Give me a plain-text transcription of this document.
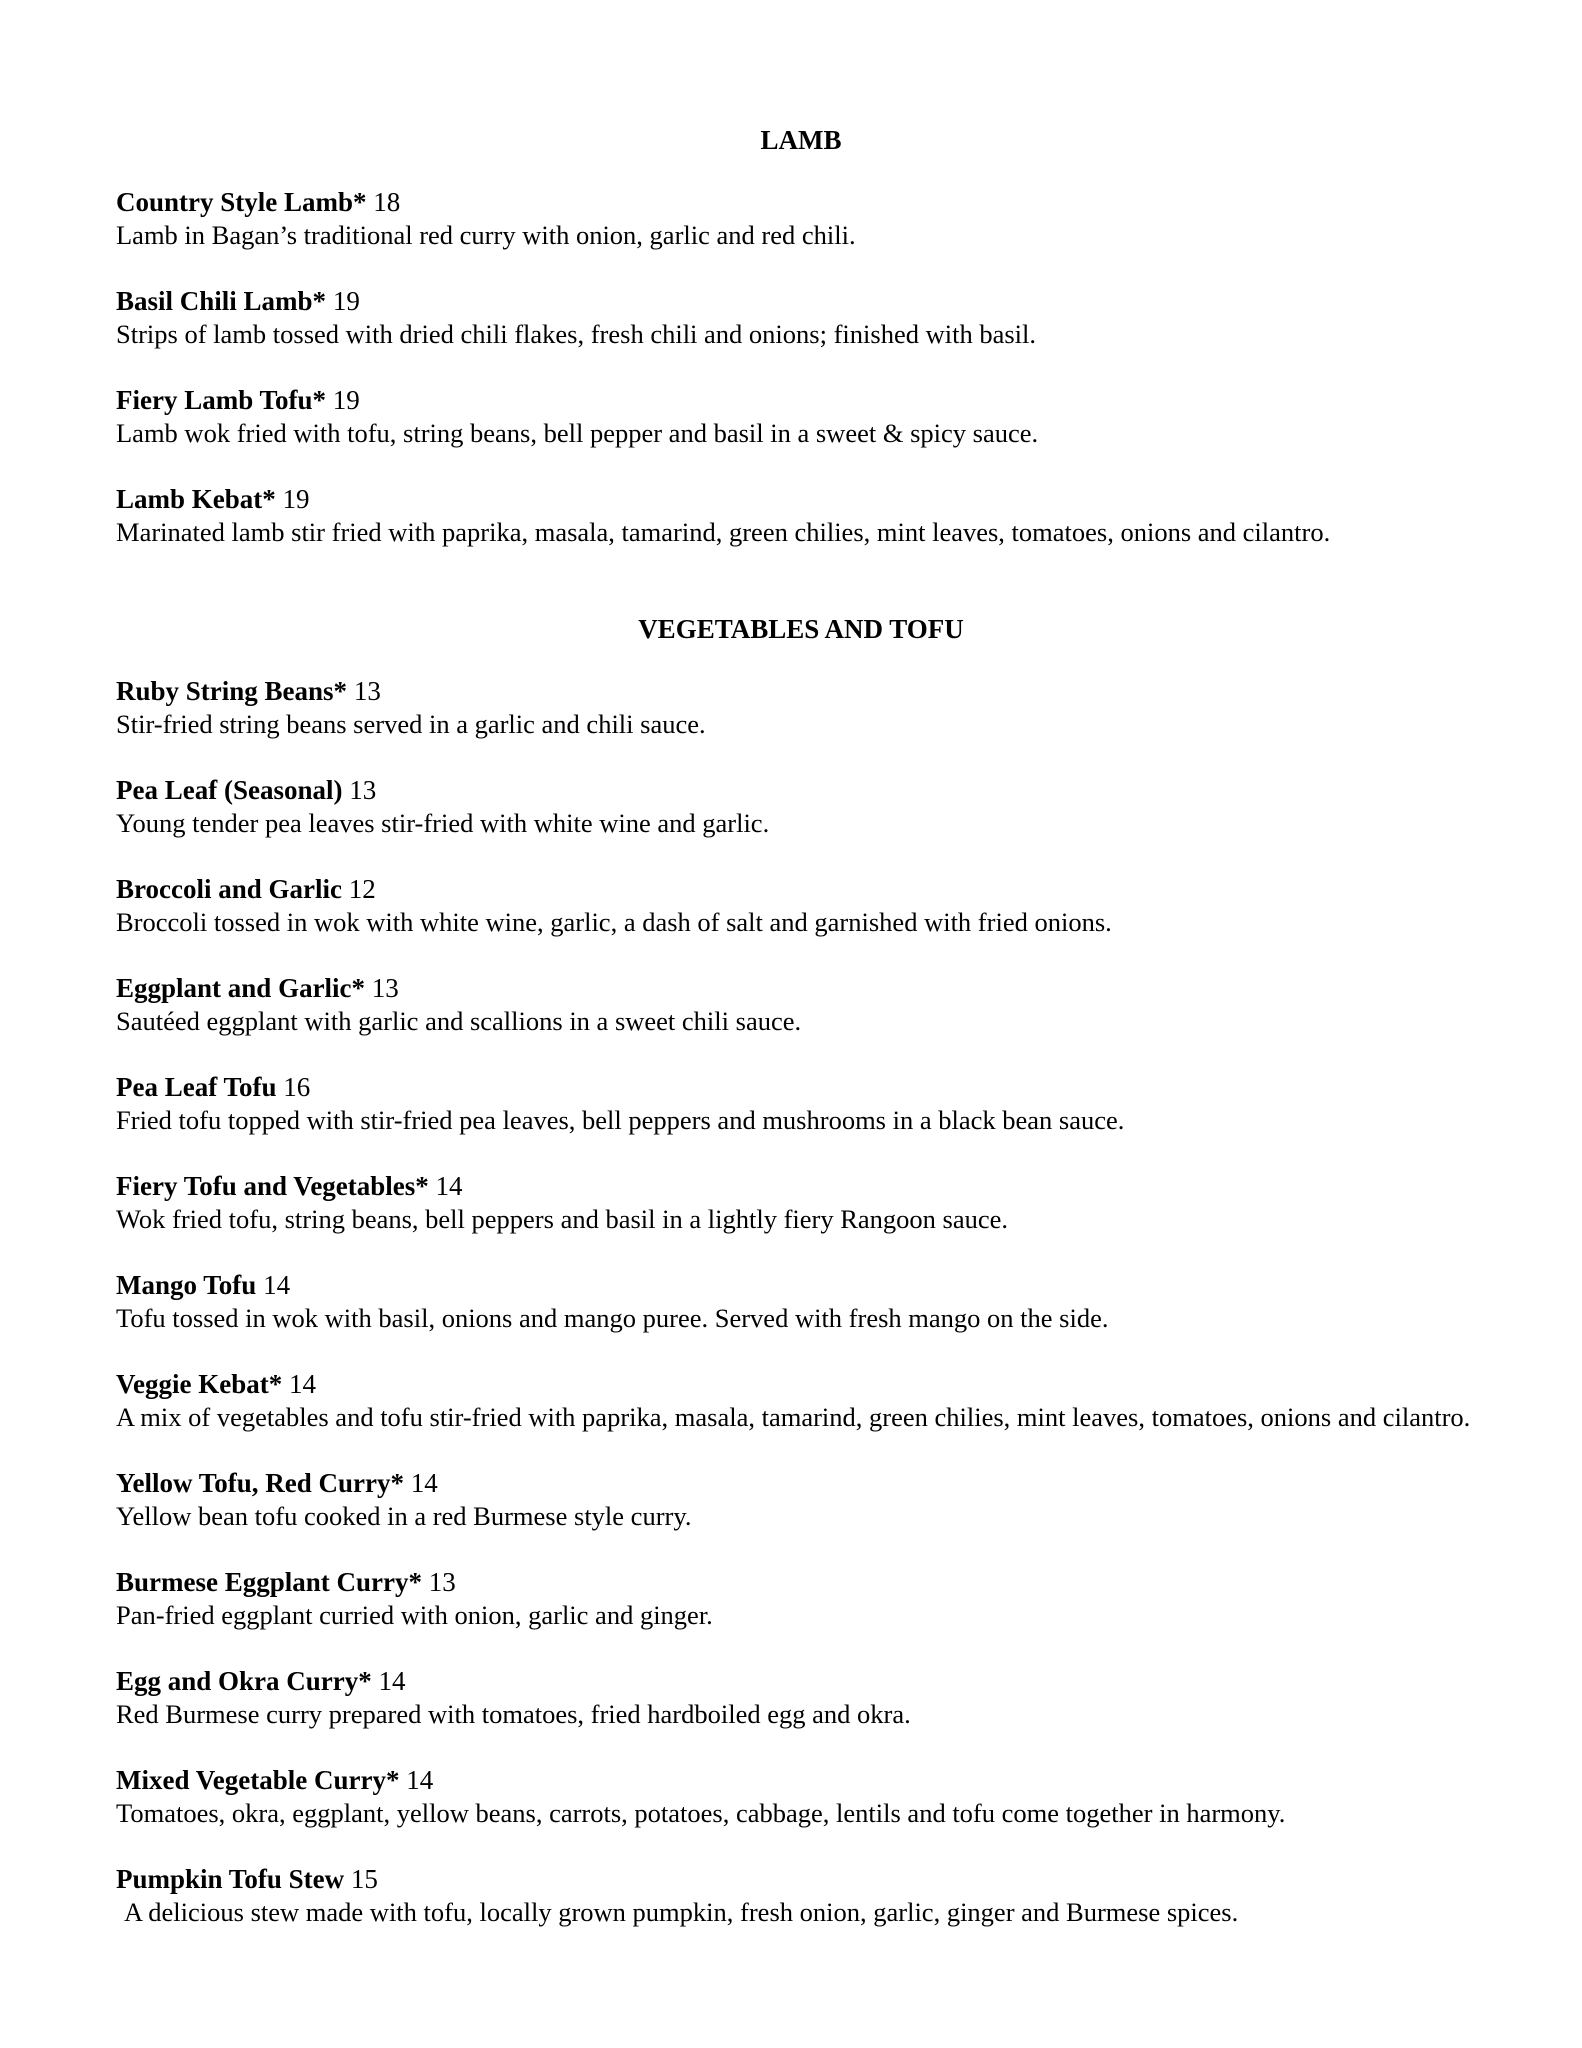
LAMB
Country Style Lamb* 18
Lamb in Bagan’s traditional red curry with onion, garlic and red chili.
Basil Chili Lamb* 19
Strips of lamb tossed with dried chili flakes, fresh chili and onions; finished with basil.
Fiery Lamb Tofu* 19
Lamb wok fried with tofu, string beans, bell pepper and basil in a sweet & spicy sauce.
Lamb Kebat* 19
Marinated lamb stir fried with paprika, masala, tamarind, green chilies, mint leaves, tomatoes, onions and cilantro.
VEGETABLES AND TOFU
Ruby String Beans* 13
Stir-fried string beans served in a garlic and chili sauce.
Pea Leaf (Seasonal) 13
Young tender pea leaves stir-fried with white wine and garlic.
Broccoli and Garlic 12
Broccoli tossed in wok with white wine, garlic, a dash of salt and garnished with fried onions.
Eggplant and Garlic* 13
Sautéed eggplant with garlic and scallions in a sweet chili sauce.
Pea Leaf Tofu 16
Fried tofu topped with stir-fried pea leaves, bell peppers and mushrooms in a black bean sauce.
Fiery Tofu and Vegetables* 14
Wok fried tofu, string beans, bell peppers and basil in a lightly fiery Rangoon sauce.
Mango Tofu 14
Tofu tossed in wok with basil, onions and mango puree. Served with fresh mango on the side.
Veggie Kebat* 14
A mix of vegetables and tofu stir-fried with paprika, masala, tamarind, green chilies, mint leaves, tomatoes, onions and cilantro.
Yellow Tofu, Red Curry* 14
Yellow bean tofu cooked in a red Burmese style curry.
Burmese Eggplant Curry* 13
Pan-fried eggplant curried with onion, garlic and ginger.
Egg and Okra Curry* 14
Red Burmese curry prepared with tomatoes, fried hardboiled egg and okra.
Mixed Vegetable Curry* 14
Tomatoes, okra, eggplant, yellow beans, carrots, potatoes, cabbage, lentils and tofu come together in harmony.
Pumpkin Tofu Stew 15
A delicious stew made with tofu, locally grown pumpkin, fresh onion, garlic, ginger and Burmese spices.
